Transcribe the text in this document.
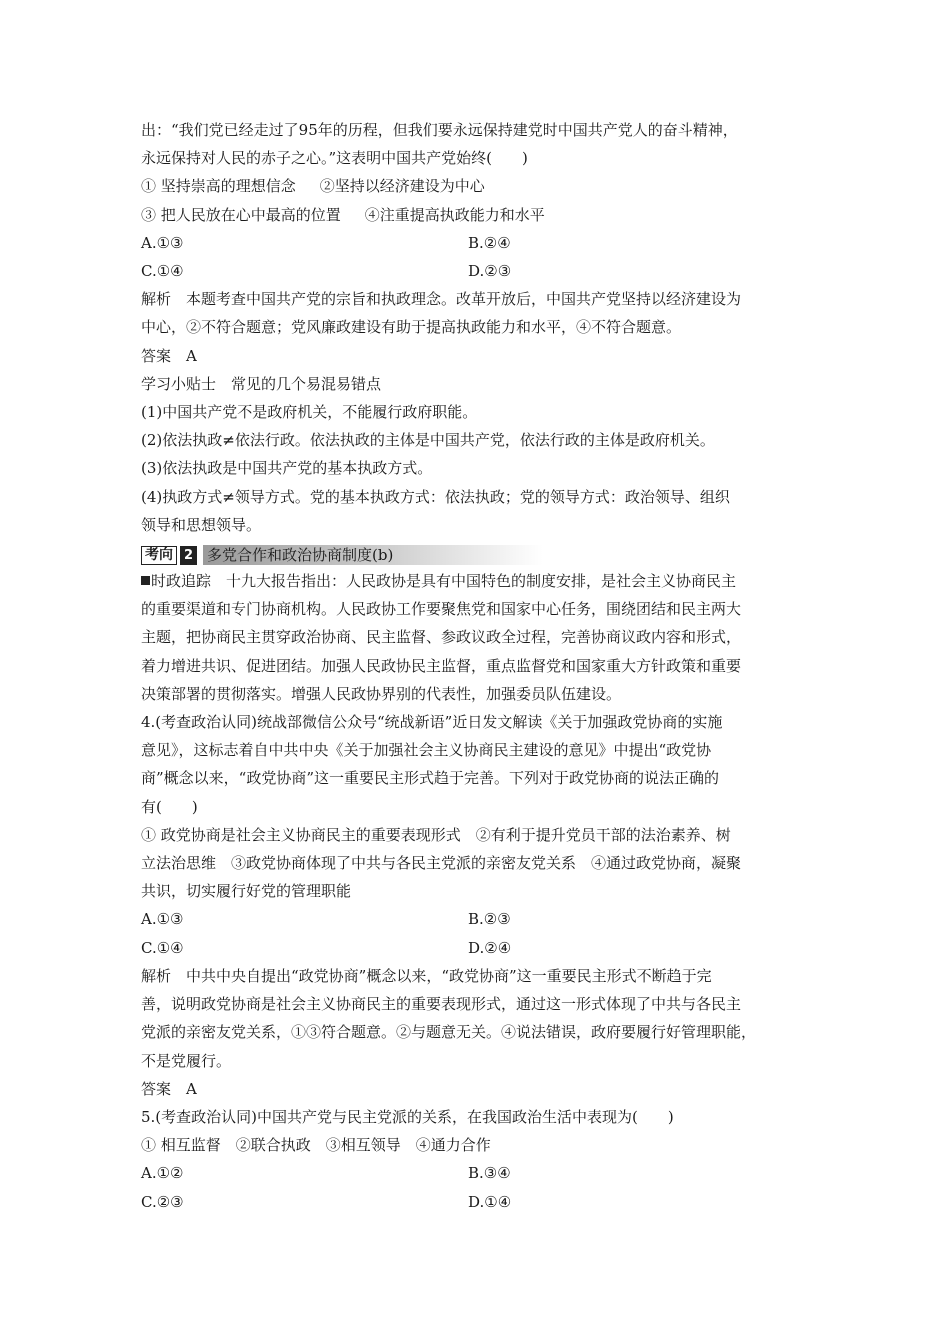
出：“我们党已经走过了95年的历程，但我们要永远保持建党时中国共产党人的奋斗精神，
永远保持对人民的赤子之心。”这表明中国共产党始终(　　)
① 坚持崇高的理想信念 ②坚持以经济建设为中心
③ 把人民放在心中最高的位置 ④注重提高执政能力和水平
A.①③	B.②④
C.①④	D.②③
解析　本题考查中国共产党的宗旨和执政理念。改革开放后，中国共产党坚持以经济建设为
中心，②不符合题意；党风廉政建设有助于提高执政能力和水平，④不符合题意。
答案　A
学习小贴士　常见的几个易混易错点
(1)中国共产党不是政府机关，不能履行政府职能。
(2)依法执政≠依法行政。依法执政的主体是中国共产党，依法行政的主体是政府机关。
(3)依法执政是中国共产党的基本执政方式。
(4)执政方式≠领导方式。党的基本执政方式：依法执政；党的领导方式：政治领导、组织
领导和思想领导。
考向 2 多党合作和政治协商制度(b)
时政追踪　十九大报告指出：人民政协是具有中国特色的制度安排，是社会主义协商民主
的重要渠道和专门协商机构。人民政协工作要聚焦党和国家中心任务，围绕团结和民主两大
主题，把协商民主贯穿政治协商、民主监督、参政议政全过程，完善协商议政内容和形式，
着力增进共识、促进团结。加强人民政协民主监督，重点监督党和国家重大方针政策和重要
决策部署的贯彻落实。增强人民政协界别的代表性，加强委员队伍建设。
4.(考查政治认同)统战部微信公众号“统战新语”近日发文解读《关于加强政党协商的实施
意见》，这标志着自中共中央《关于加强社会主义协商民主建设的意见》中提出“政党协
商”概念以来，“政党协商”这一重要民主形式趋于完善。下列对于政党协商的说法正确的
有(　　)
① 政党协商是社会主义协商民主的重要表现形式　②有利于提升党员干部的法治素养、树
立法治思维　③政党协商体现了中共与各民主党派的亲密友党关系　④通过政党协商，凝聚
共识，切实履行好党的管理职能
A.①③	B.②③
C.①④	D.②④
解析　中共中央自提出“政党协商”概念以来，“政党协商”这一重要民主形式不断趋于完
善，说明政党协商是社会主义协商民主的重要表现形式，通过这一形式体现了中共与各民主
党派的亲密友党关系，①③符合题意。②与题意无关。④说法错误，政府要履行好管理职能，
不是党履行。
答案　A
5.(考查政治认同)中国共产党与民主党派的关系，在我国政治生活中表现为(　　)
① 相互监督　②联合执政　③相互领导　④通力合作
A.①②	B.③④
C.②③	D.①④
